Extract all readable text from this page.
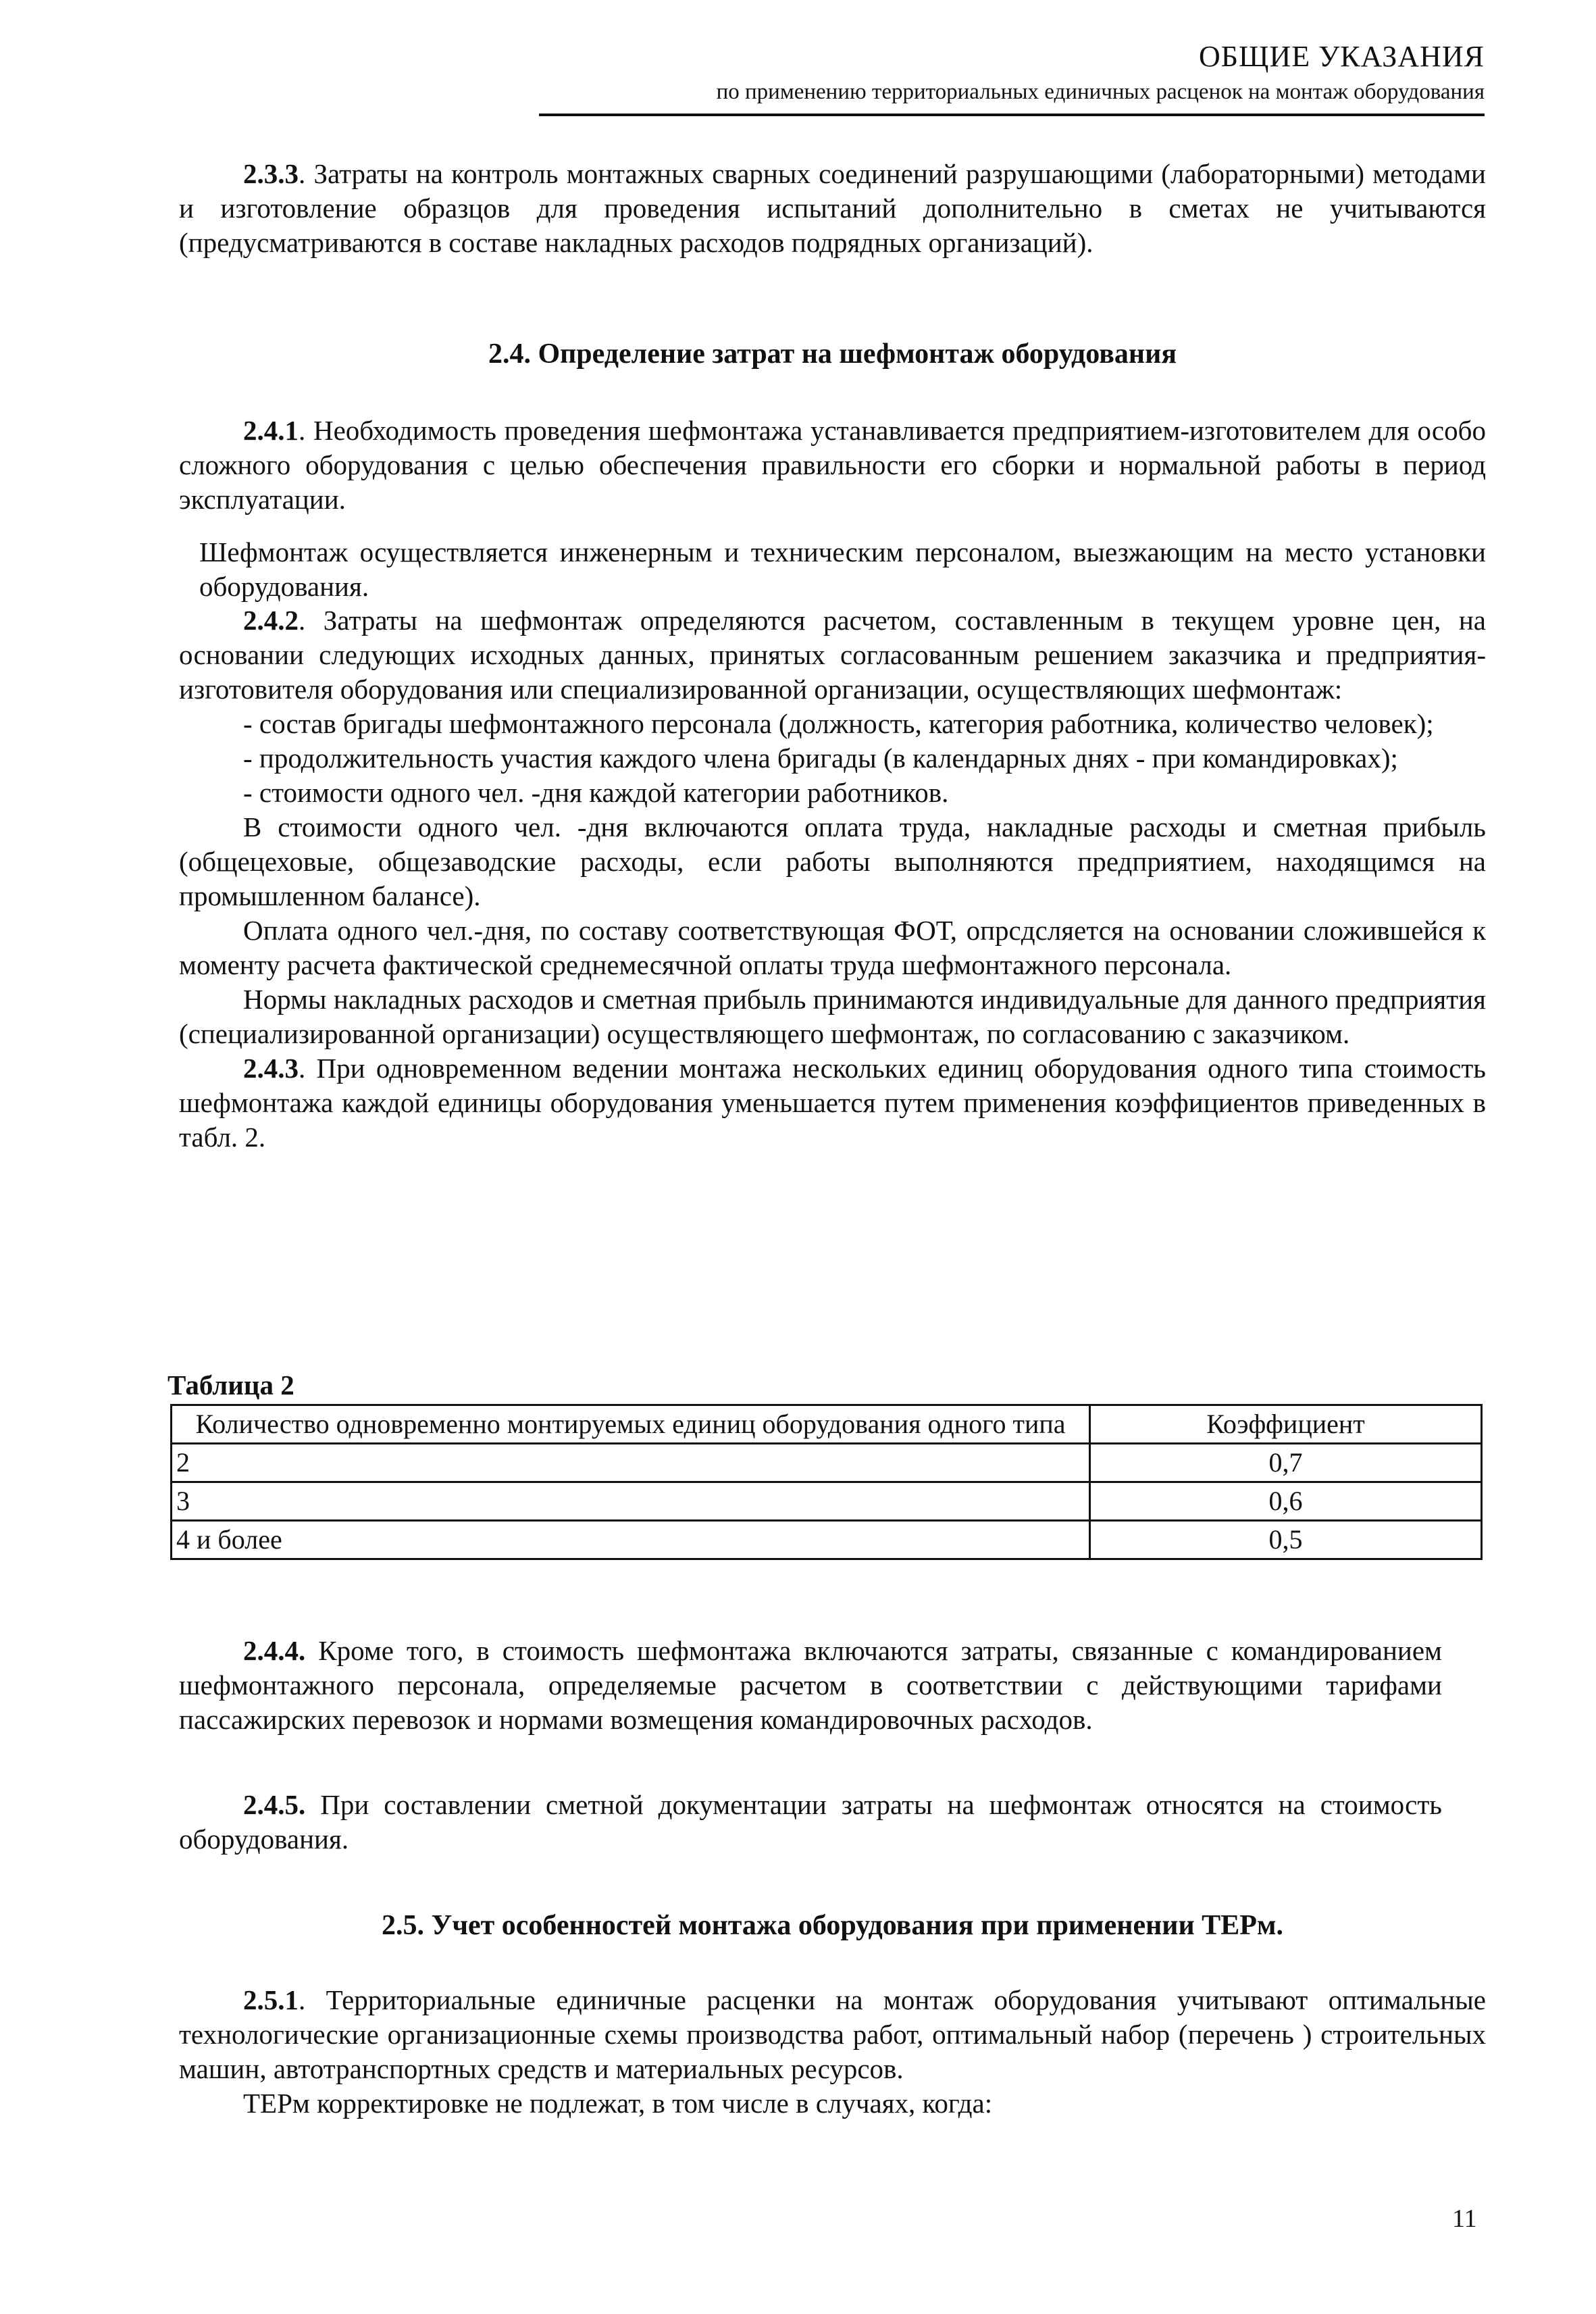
ОБЩИЕ УКАЗАНИЯ
по применению территориальных единичных расценок на монтаж оборудования

2.3.3. Затраты на контроль монтажных сварных соединений разрушающими (лабораторными) методами и изготовление образцов для проведения испытаний дополнительно в сметах не учитываются (предусматриваются в составе накладных расходов подрядных организаций).

2.4. Определение затрат на шефмонтаж оборудования

2.4.1. Необходимость проведения шефмонтажа устанавливается предприятием-изготовителем для особо сложного оборудования с целью обеспечения правильности его сборки и нормальной работы в период эксплуатации.

Шефмонтаж осуществляется инженерным и техническим персоналом, выезжающим на место установки оборудования.

2.4.2. Затраты на шефмонтаж определяются расчетом, составленным в текущем уровне цен, на основании следующих исходных данных, принятых согласованным решением заказчика и предприятия-изготовителя оборудования или специализированной организации, осуществляющих шефмонтаж:

- состав бригады шефмонтажного персонала (должность, категория работника, количество человек);

- продолжительность участия каждого члена бригады (в календарных днях - при командировках);

- стоимости одного чел. -дня каждой категории работников.

В стоимости одного чел. -дня включаются оплата труда, накладные расходы и сметная прибыль (общецеховые, общезаводские расходы, если работы выполняются предприятием, находящимся на промышленном балансе).

Оплата одного чел.-дня, по составу соответствующая ФОТ, опрсдсляется на основании сложившейся к моменту расчета фактической среднемесячной оплаты труда шефмонтажного персонала.

Нормы накладных расходов и сметная прибыль принимаются индивидуальные для данного предприятия (специализированной организации) осуществляющего шефмонтаж, по согласованию с заказчиком.

2.4.3. При одновременном ведении монтажа нескольких единиц оборудования одного типа стоимость шефмонтажа каждой единицы оборудования уменьшается путем применения коэффициентов приведенных в табл. 2.

Таблица 2
Количество одновременно монтируемых единиц оборудования одного типа	Коэффициент
2	0,7
3	0,6
4 и более	0,5

2.4.4. Кроме того, в стоимость шефмонтажа включаются затраты, связанные с командированием шефмонтажного персонала, определяемые расчетом в соответствии с действующими тарифами пассажирских перевозок и нормами возмещения командировочных расходов.

2.4.5. При составлении сметной документации затраты на шефмонтаж относятся на стоимость оборудования.

2.5. Учет особенностей монтажа оборудования при применении ТЕРм.

2.5.1. Территориальные единичные расценки на монтаж оборудования учитывают оптимальные технологические организационные схемы производства работ, оптимальный набор (перечень ) строительных машин, автотранспортных средств и материальных ресурсов.

ТЕРм корректировке не подлежат, в том числе в случаях, когда:

11
